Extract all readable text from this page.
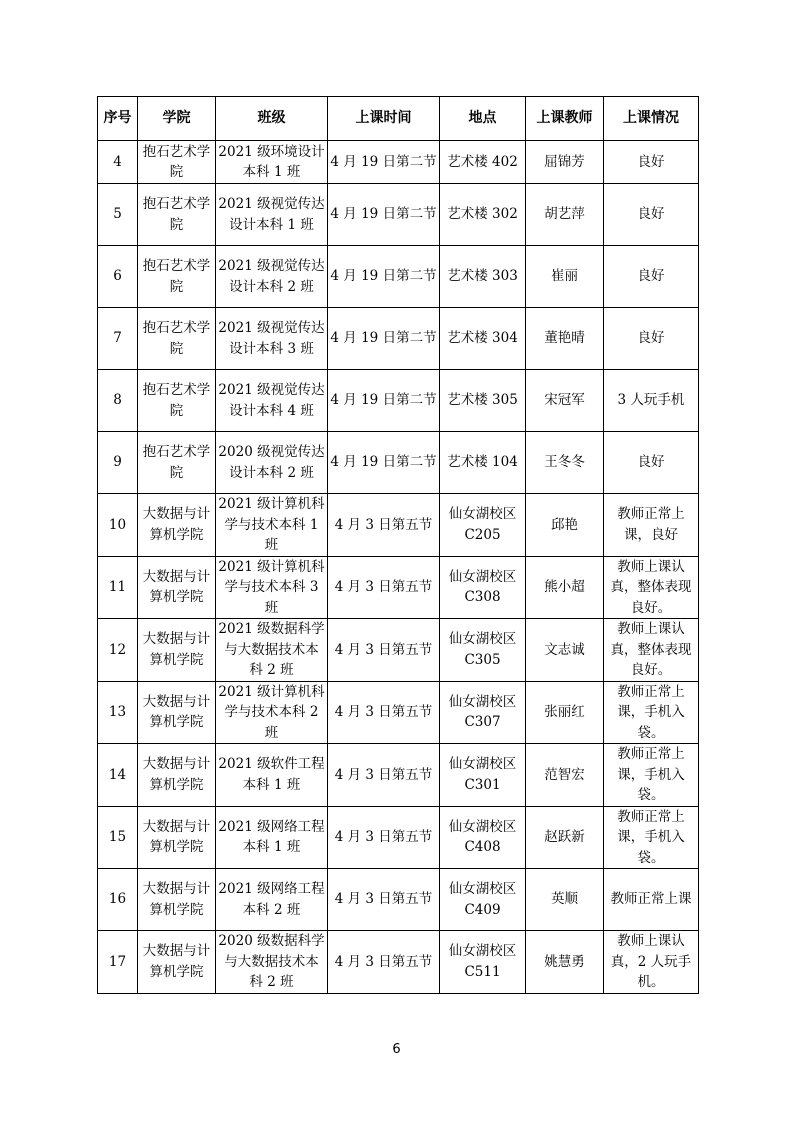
序号	学院	班级	上课时间	地点	上课教师	上课情况
4	抱石艺术学院	2021 级环境设计本科 1 班	4 月 19 日第二节	艺术楼 402	屈锦芳	良好
5	抱石艺术学院	2021 级视觉传达设计本科 1 班	4 月 19 日第二节	艺术楼 302	胡艺萍	良好
6	抱石艺术学院	2021 级视觉传达设计本科 2 班	4 月 19 日第二节	艺术楼 303	崔丽	良好
7	抱石艺术学院	2021 级视觉传达设计本科 3 班	4 月 19 日第二节	艺术楼 304	董艳晴	良好
8	抱石艺术学院	2021 级视觉传达设计本科 4 班	4 月 19 日第二节	艺术楼 305	宋冠军	3 人玩手机
9	抱石艺术学院	2020 级视觉传达设计本科 2 班	4 月 19 日第二节	艺术楼 104	王冬冬	良好
10	大数据与计算机学院	2021 级计算机科学与技术本科 1 班	4 月 3 日第五节	仙女湖校区 C205	邱艳	教师正常上课，良好
11	大数据与计算机学院	2021 级计算机科学与技术本科 3 班	4 月 3 日第五节	仙女湖校区 C308	熊小超	教师上课认真，整体表现良好。
12	大数据与计算机学院	2021 级数据科学与大数据技术本科 2 班	4 月 3 日第五节	仙女湖校区 C305	文志诚	教师上课认真，整体表现良好。
13	大数据与计算机学院	2021 级计算机科学与技术本科 2 班	4 月 3 日第五节	仙女湖校区 C307	张丽红	教师正常上课，手机入袋。
14	大数据与计算机学院	2021 级软件工程本科 1 班	4 月 3 日第五节	仙女湖校区 C301	范智宏	教师正常上课，手机入袋。
15	大数据与计算机学院	2021 级网络工程本科 1 班	4 月 3 日第五节	仙女湖校区 C408	赵跃新	教师正常上课，手机入袋。
16	大数据与计算机学院	2021 级网络工程本科 2 班	4 月 3 日第五节	仙女湖校区 C409	英顺	教师正常上课
17	大数据与计算机学院	2020 级数据科学与大数据技术本科 2 班	4 月 3 日第五节	仙女湖校区 C511	姚慧勇	教师上课认真，2 人玩手机。
6
